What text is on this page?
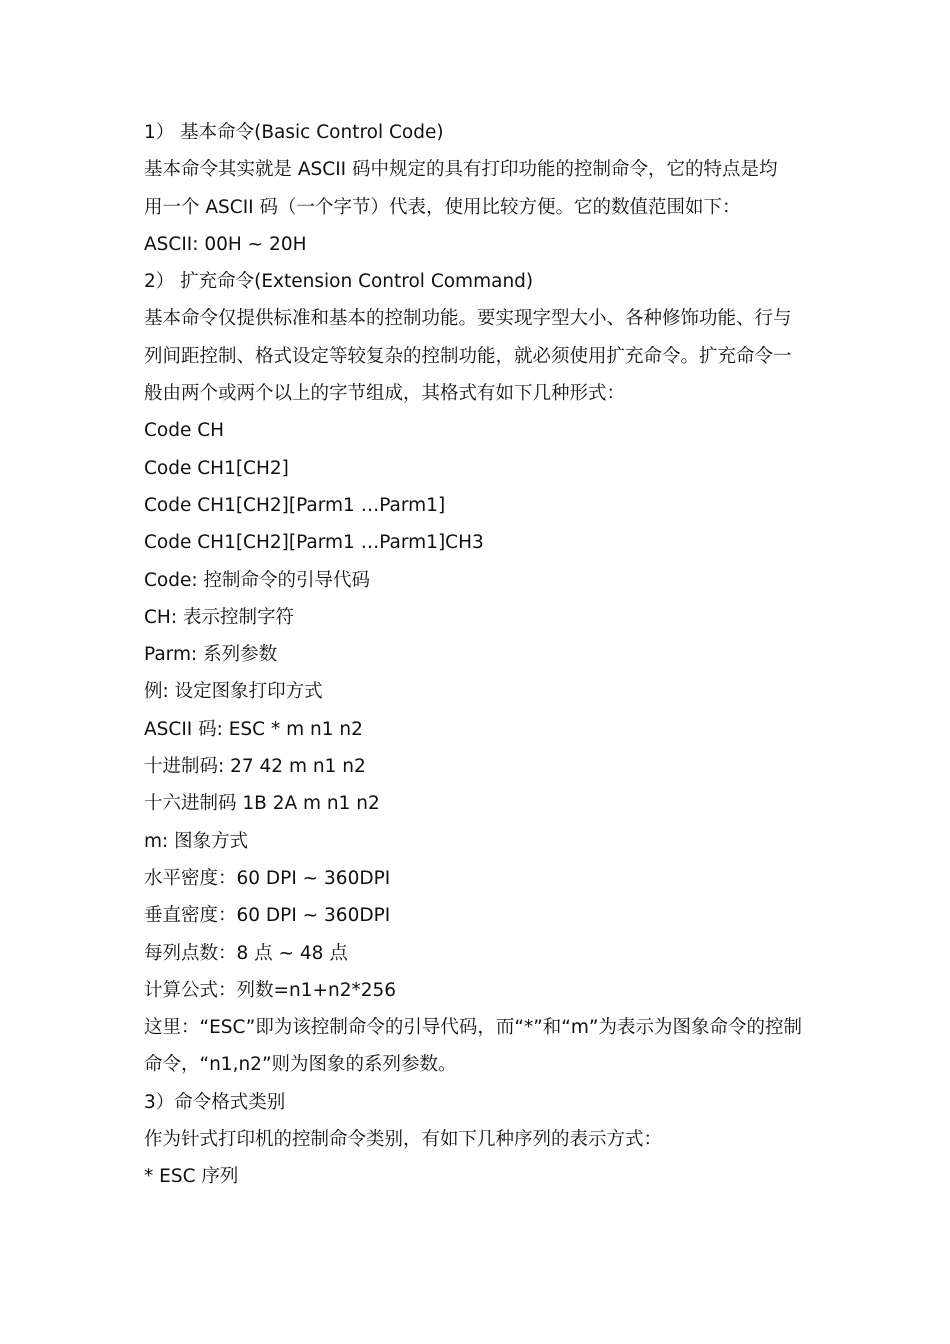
1） 基本命令(Basic Control Code)
基本命令其实就是 ASCII 码中规定的具有打印功能的控制命令，它的特点是均
用一个 ASCII 码（一个字节）代表，使用比较方便。它的数值范围如下：
ASCII: 00H ~ 20H
2） 扩充命令(Extension Control Command)
基本命令仅提供标准和基本的控制功能。要实现字型大小、各种修饰功能、行与
列间距控制、格式设定等较复杂的控制功能，就必须使用扩充命令。扩充命令一
般由两个或两个以上的字节组成，其格式有如下几种形式：
Code CH
Code CH1[CH2]
Code CH1[CH2][Parm1 …Parm1]
Code CH1[CH2][Parm1 …Parm1]CH3
Code: 控制命令的引导代码
CH: 表示控制字符
Parm: 系列参数
例: 设定图象打印方式
ASCII 码: ESC * m n1 n2
十进制码: 27 42 m n1 n2
十六进制码 1B 2A m n1 n2
m: 图象方式
水平密度：60 DPI ~ 360DPI
垂直密度：60 DPI ~ 360DPI
每列点数：8 点 ~ 48 点
计算公式：列数=n1+n2*256
这里：“ESC”即为该控制命令的引导代码，而“*”和“m”为表示为图象命令的控制
命令，“n1,n2”则为图象的系列参数。
3）命令格式类别
作为针式打印机的控制命令类别，有如下几种序列的表示方式：
* ESC 序列
